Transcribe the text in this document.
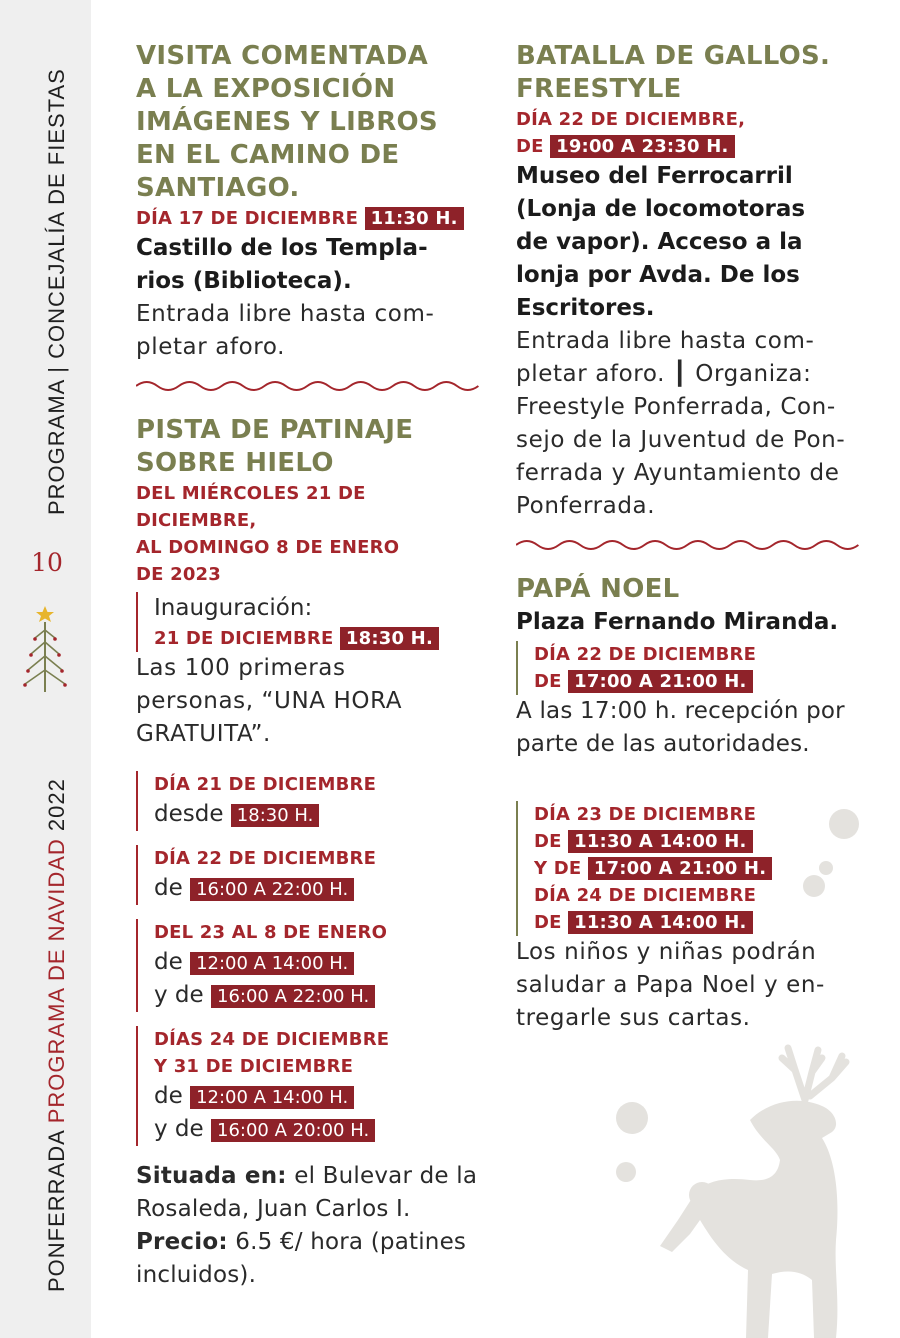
PROGRAMA | CONCEJALÍA DE FIESTAS
10
PONFERRADA PROGRAMA DE NAVIDAD 2022
VISITA COMENTADA
A LA EXPOSICIÓN
IMÁGENES Y LIBROS
EN EL CAMINO DE
SANTIAGO.
DÍA 17 DE DICIEMBRE 11:30 H.
Castillo de los Templa-
rios (Biblioteca).
Entrada libre hasta com-
pletar aforo.
PISTA DE PATINAJE
SOBRE HIELO
DEL MIÉRCOLES 21 DE
DICIEMBRE,
AL DOMINGO 8 DE ENERO
DE 2023
Inauguración:
21 DE DICIEMBRE 18:30 H.
Las 100 primeras
personas, “UNA HORA
GRATUITA”.
DÍA 21 DE DICIEMBRE
desde 18:30 H.
DÍA 22 DE DICIEMBRE
de 16:00 A 22:00 H.
DEL 23 AL 8 DE ENERO
de 12:00 A 14:00 H.
y de 16:00 A 22:00 H.
DÍAS 24 DE DICIEMBRE
Y 31 DE DICIEMBRE
de 12:00 A 14:00 H.
y de 16:00 A 20:00 H.
Situada en: el Bulevar de la
Rosaleda, Juan Carlos I.
Precio: 6.5 €/ hora (patines
incluidos).
BATALLA DE GALLOS.
FREESTYLE
DÍA 22 DE DICIEMBRE,
DE 19:00 A 23:30 H.
Museo del Ferrocarril
(Lonja de locomotoras
de vapor). Acceso a la
lonja por Avda. De los
Escritores.
Entrada libre hasta com-
pletar aforo. ┃ Organiza:
Freestyle Ponferrada, Con-
sejo de la Juventud de Pon-
ferrada y Ayuntamiento de
Ponferrada.
PAPÁ NOEL
Plaza Fernando Miranda.
DÍA 22 DE DICIEMBRE
DE 17:00 A 21:00 H.
A las 17:00 h. recepción por
parte de las autoridades.
DÍA 23 DE DICIEMBRE
DE 11:30 A 14:00 H.
Y DE 17:00 A 21:00 H.
DÍA 24 DE DICIEMBRE
DE 11:30 A 14:00 H.
Los niños y niñas podrán
saludar a Papa Noel y en-
tregarle sus cartas.
